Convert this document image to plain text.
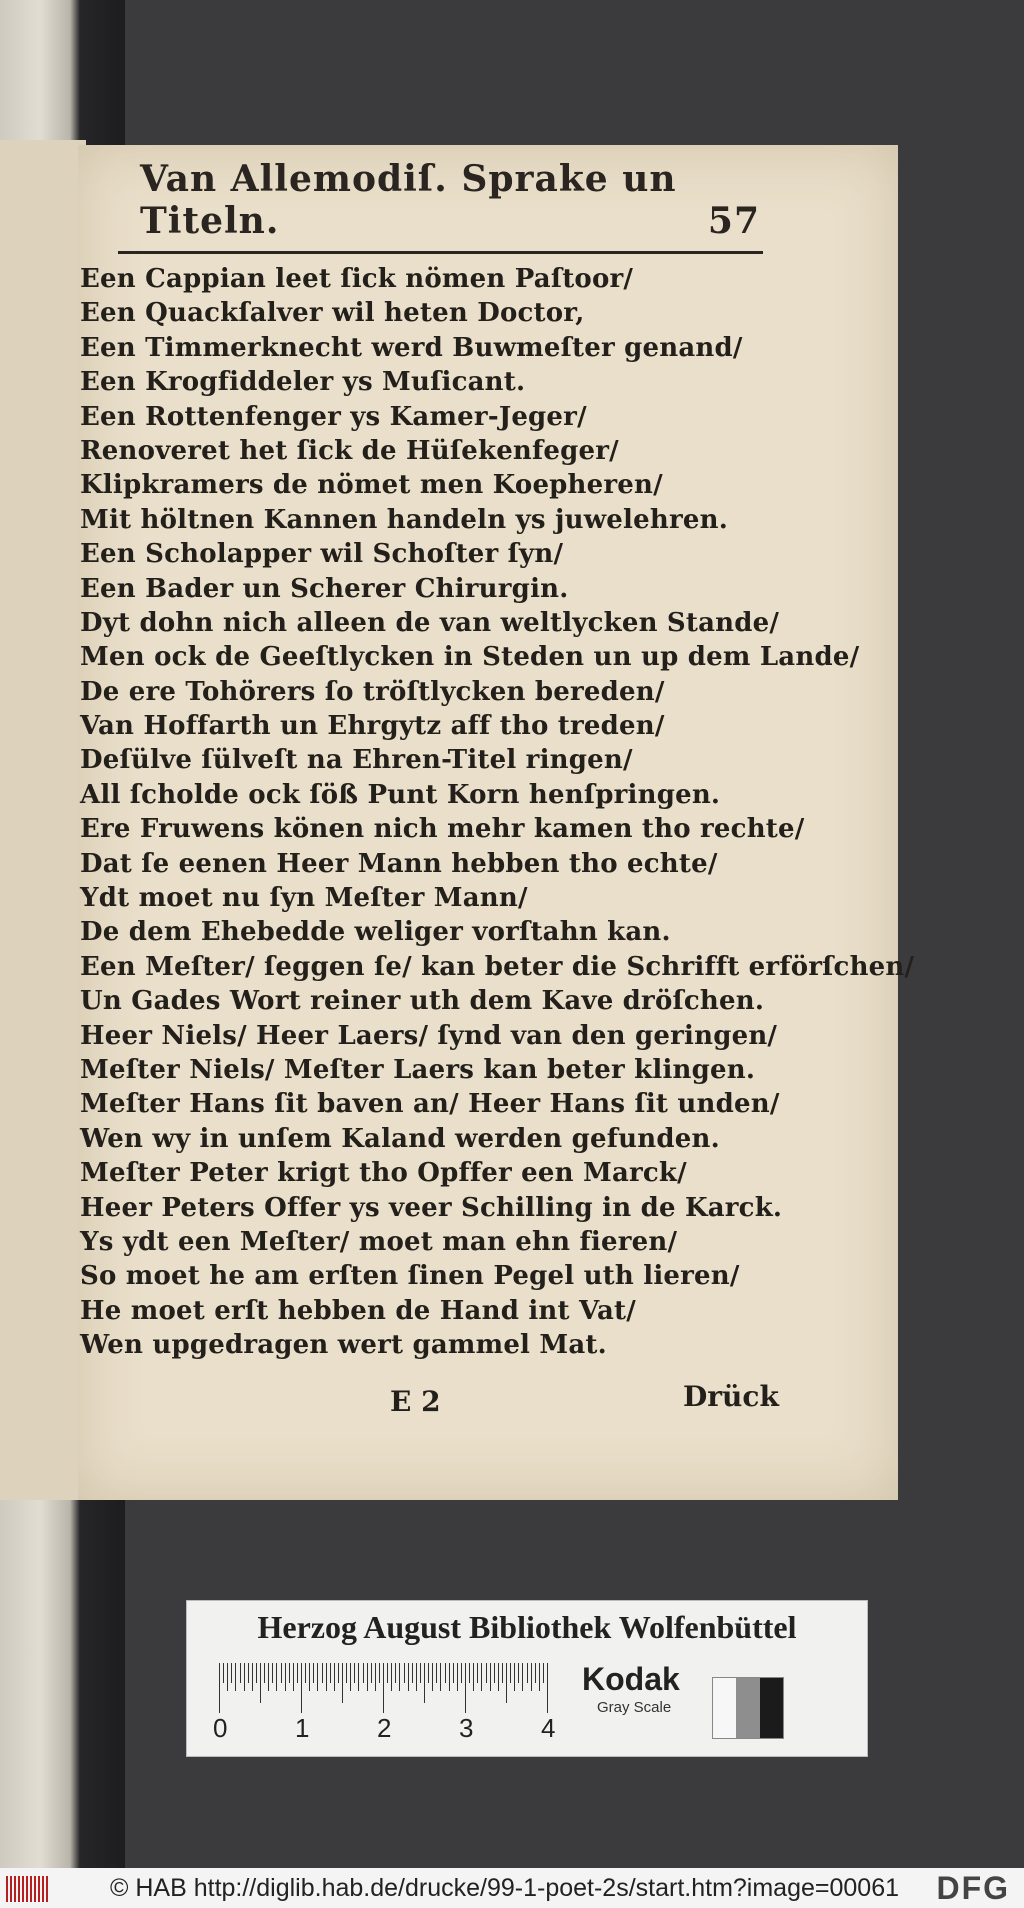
Van Allemodiſ. Sprake un Titeln.	57
Een Cappian leet ſick nömen Paſtoor/
Een Quackſalver wil heten Doctor,
Een Timmerknecht werd Buwmeſter genand/
Een Krogfiddeler ys Muſicant.
Een Rottenfenger ys Kamer-Jeger/
Renoveret het ſick de Hüſekenfeger/
Klipkramers de nömet men Koepheren/
Mit höltnen Kannen handeln ys juwelehren.
Een Scholapper wil Schoſter ſyn/
Een Bader un Scherer Chirurgin.
Dyt dohn nich alleen de van weltlycken Stande/
Men ock de Geeſtlycken in Steden un up dem Lande/
De ere Tohörers ſo tröſtlycken bereden/
Van Hoffarth un Ehrgytz aff tho treden/
Deſülve ſülveſt na Ehren-Titel ringen/
All ſcholde ock ſöß Punt Korn henſpringen.
Ere Fruwens könen nich mehr kamen tho rechte/
Dat ſe eenen Heer Mann hebben tho echte/
Ydt moet nu ſyn Meſter Mann/
De dem Ehebedde weliger vorſtahn kan.
Een Meſter/ ſeggen ſe/ kan beter die Schrifft erförſchen/
Un Gades Wort reiner uth dem Kave dröſchen.
Heer Niels/ Heer Laers/ ſynd van den geringen/
Meſter Niels/ Meſter Laers kan beter klingen.
Meſter Hans ſit baven an/ Heer Hans ſit unden/
Wen wy in unſem Kaland werden gefunden.
Meſter Peter krigt tho Opffer een Marck/
Heer Peters Offer ys veer Schilling in de Karck.
Ys ydt een Meſter/ moet man ehn fieren/
So moet he am erſten ſinen Pegel uth lieren/
He moet erſt hebben de Hand int Vat/
Wen upgedragen wert gammel Mat.
E 2	Drück
Herzog August Bibliothek Wolfenbüttel
0	1	2	3	4
Kodak
Gray Scale
© HAB http://diglib.hab.de/drucke/99-1-poet-2s/start.htm?image=00061 DFG
